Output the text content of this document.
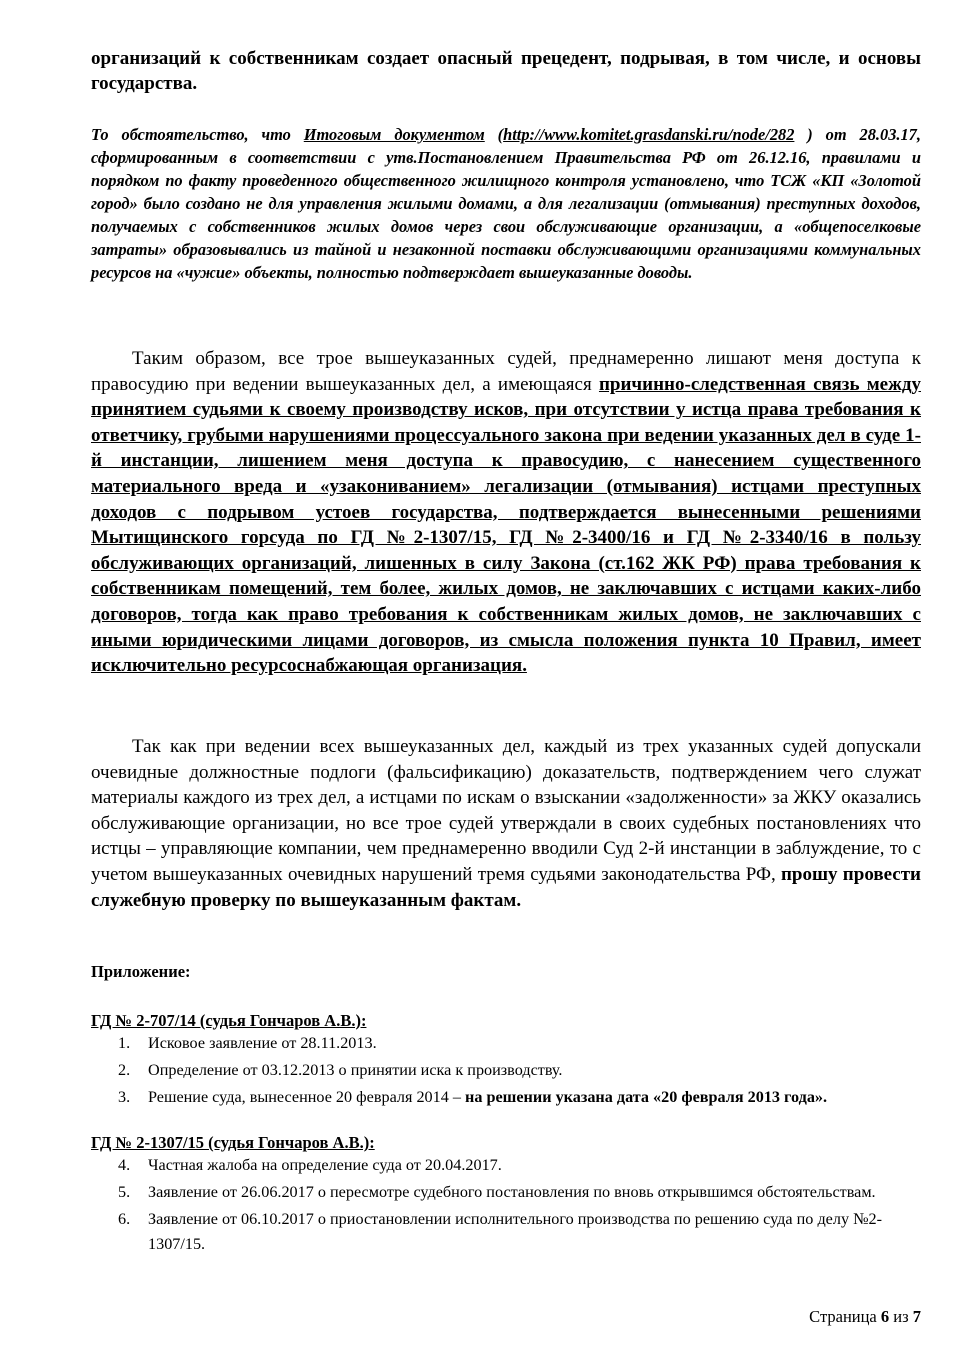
организаций к собственникам создает опасный прецедент, подрывая, в том числе, и основы государства.

То обстоятельство, что Итоговым документом (http://www.komitet.grasdanski.ru/node/282 ) от 28.03.17, сформированным в соответствии с утв.Постановлением Правительства РФ от 26.12.16, правилами и порядком по факту проведенного общественного жилищного контроля установлено, что ТСЖ «КП «Золотой город» было создано не для управления жилыми домами, а для легализации (отмывания) преступных доходов, получаемых с собственников жилых домов через свои обслуживающие организации, а «общепоселковые затраты» образовывались из тайной и незаконной поставки обслуживающими организациями коммунальных ресурсов на «чужие» объекты, полностью подтверждает вышеуказанные доводы.

Таким образом, все трое вышеуказанных судей, преднамеренно лишают меня доступа к правосудию при ведении вышеуказанных дел, а имеющаяся причинно-следственная связь между принятием судьями к своему производству исков, при отсутствии у истца права требования к ответчику, грубыми нарушениями процессуального закона при ведении указанных дел в суде 1-й инстанции, лишением меня доступа к правосудию, с нанесением существенного материального вреда и «узакониванием» легализации (отмывания) истцами преступных доходов с подрывом устоев государства, подтверждается вынесенными решениями Мытищинского горсуда по ГД №2-1307/15, ГД №2-3400/16 и ГД №2-3340/16 в пользу обслуживающих организаций, лишенных в силу Закона (ст.162 ЖК РФ) права требования к собственникам помещений, тем более, жилых домов, не заключавших с истцами каких-либо договоров, тогда как право требования к собственникам жилых домов, не заключавших с иными юридическими лицами договоров, из смысла положения пункта 10 Правил, имеет исключительно ресурсоснабжающая организация.

Так как при ведении всех вышеуказанных дел, каждый из трех указанных судей допускали очевидные должностные подлоги (фальсификацию) доказательств, подтверждением чего служат материалы каждого из трех дел, а истцами по искам о взыскании «задолженности» за ЖКУ оказались обслуживающие организации, но все трое судей утверждали в своих судебных постановлениях что истцы – управляющие компании, чем преднамеренно вводили Суд 2-й инстанции в заблуждение, то с учетом вышеуказанных очевидных нарушений тремя судьями законодательства РФ, прошу провести служебную проверку по вышеуказанным фактам.

Приложение:

ГД № 2-707/14 (судья Гончаров А.В.):

1. Исковое заявление от 28.11.2013.
2. Определение от 03.12.2013 о принятии иска к производству.
3. Решение суда, вынесенное 20 февраля 2014 – на решении указана дата «20 февраля 2013 года».

ГД № 2-1307/15 (судья Гончаров А.В.):

4. Частная жалоба на определение суда от 20.04.2017.
5. Заявление от 26.06.2017 о пересмотре судебного постановления по вновь открывшимся обстоятельствам.
6. Заявление от 06.10.2017 о приостановлении исполнительного производства по решению суда по делу №2-1307/15.
Страница 6 из 7
